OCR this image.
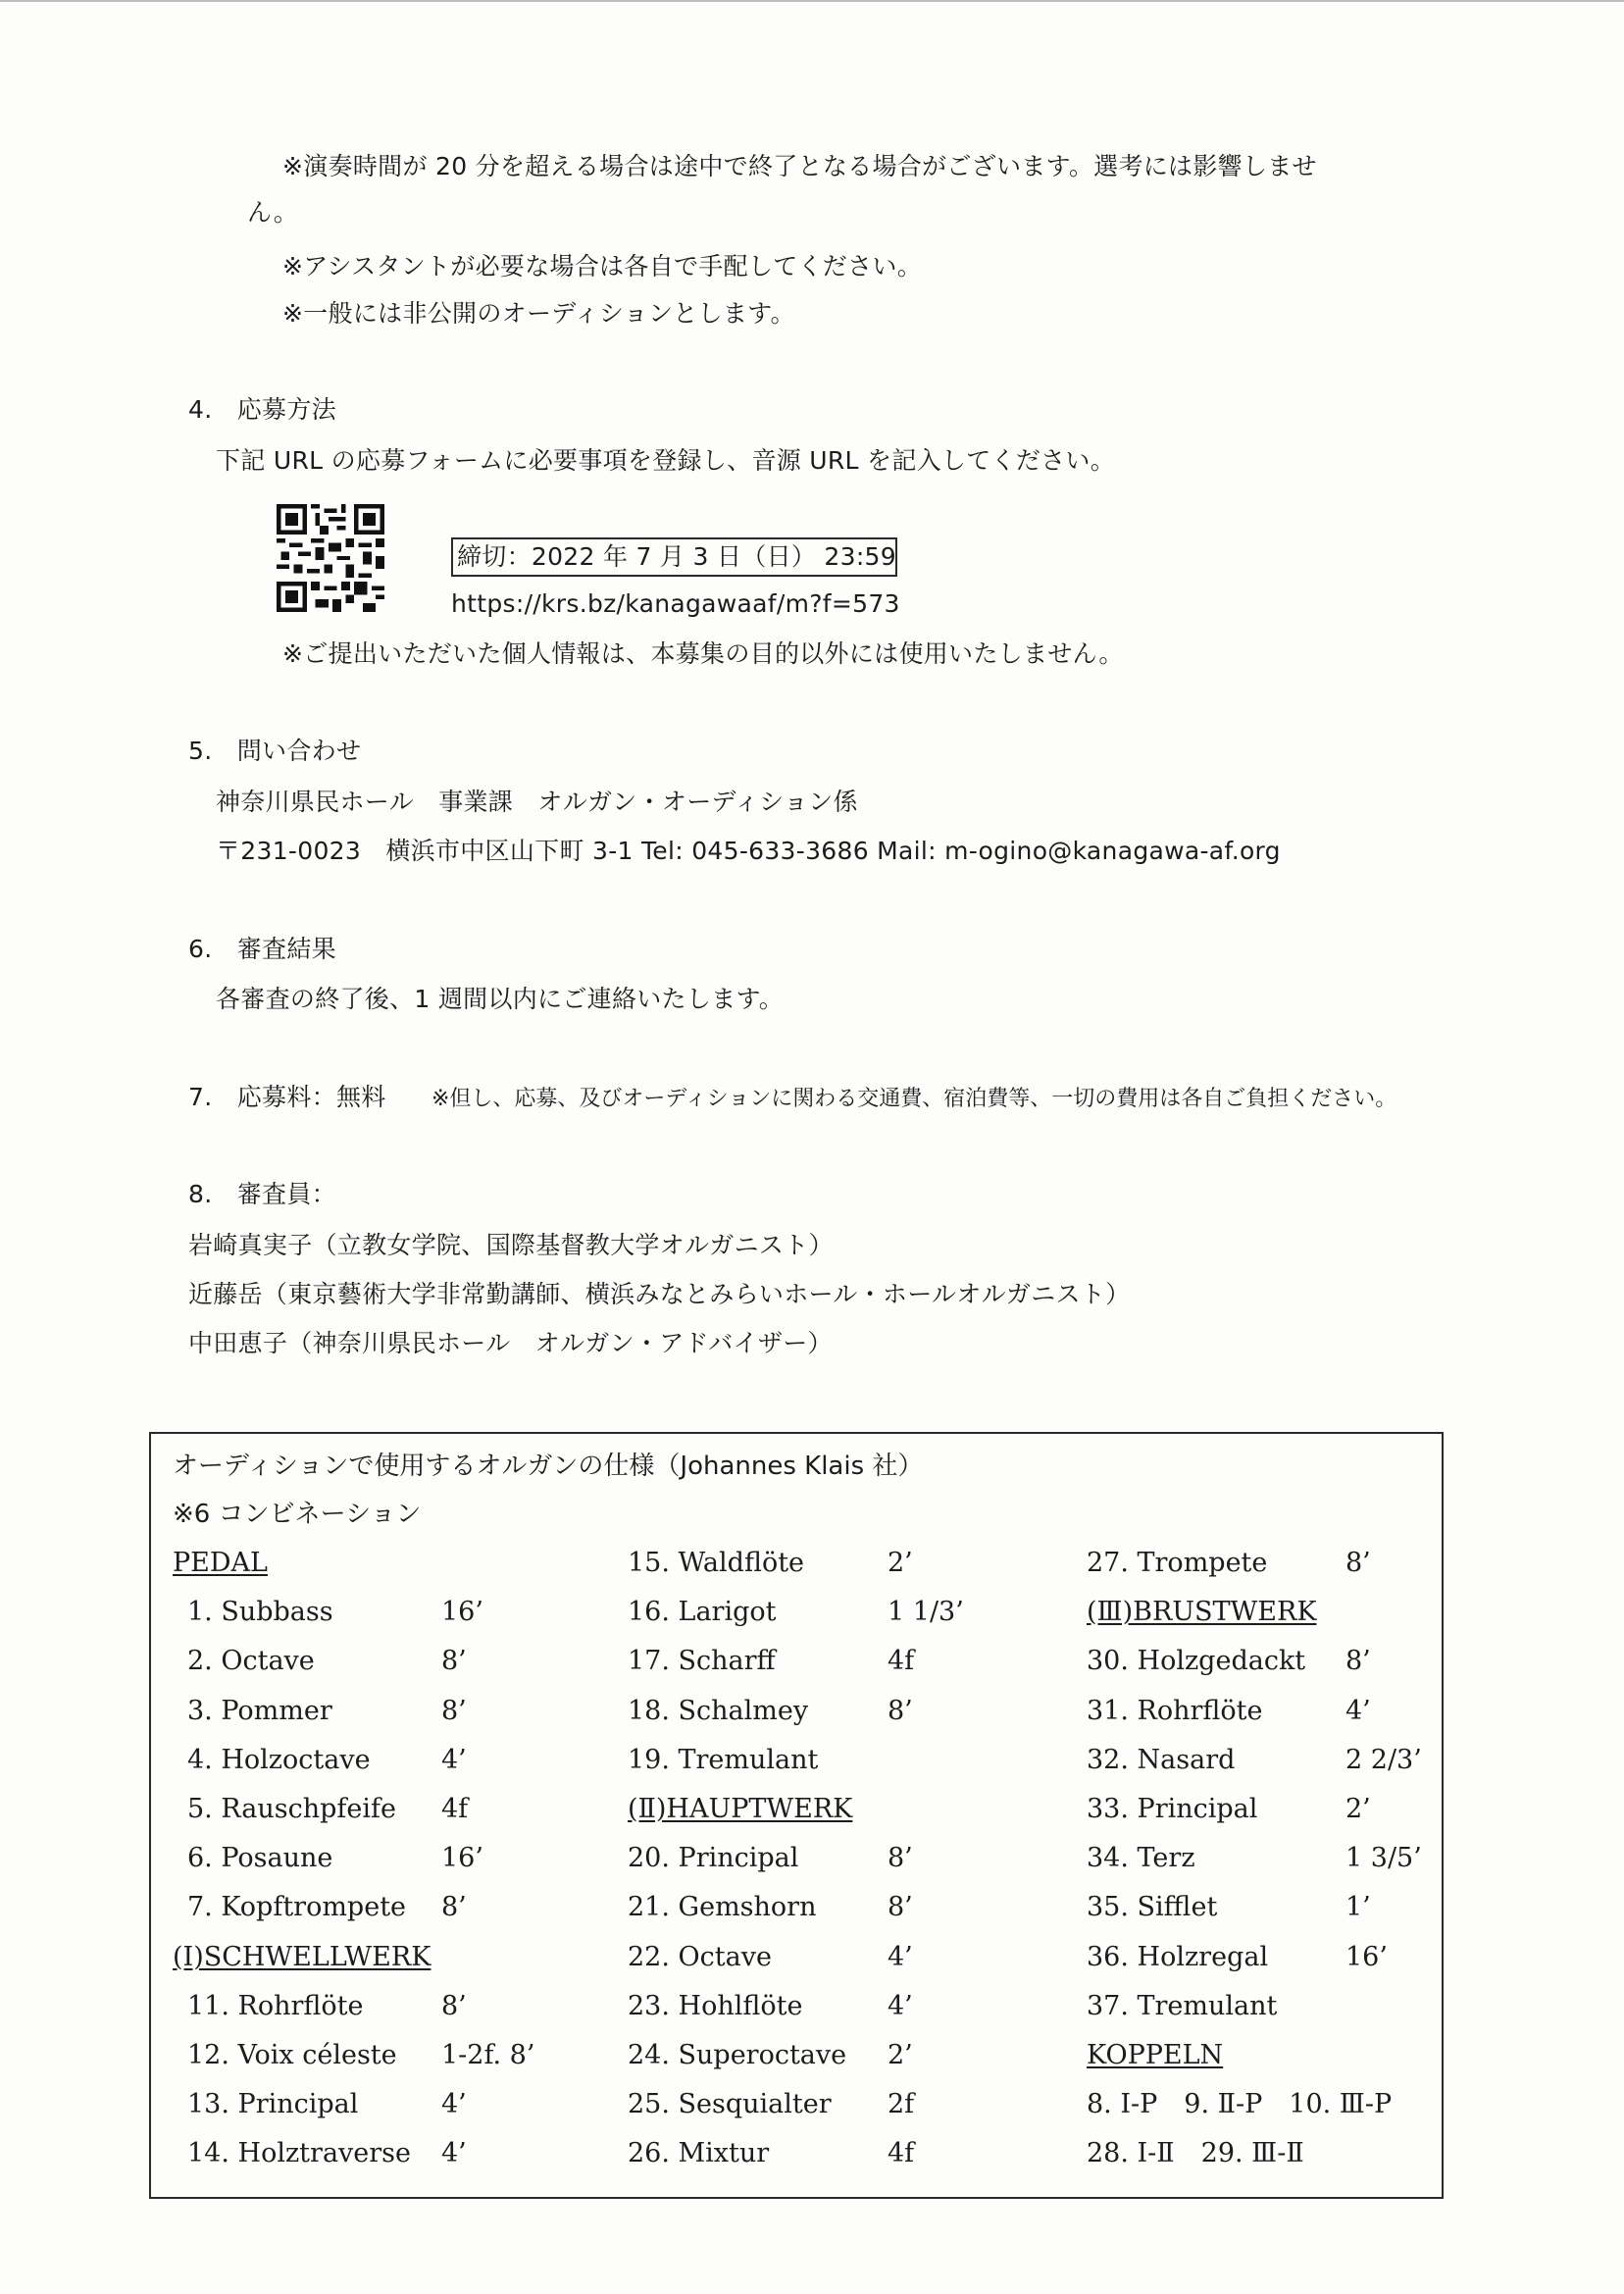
※演奏時間が 20 分を超える場合は途中で終了となる場合がございます。選考には影響しませ
ん。
※アシスタントが必要な場合は各自で手配してください。
※一般には非公開のオーディションとします。
4.　応募方法
下記 URL の応募フォームに必要事項を登録し、音源 URL を記入してください。
締切：2022 年 7 月 3 日（日） 23:59
https://krs.bz/kanagawaaf/m?f=573
※ご提出いただいた個人情報は、本募集の目的以外には使用いたしません。
5.　問い合わせ
神奈川県民ホール　事業課　オルガン・オーディション係
〒231-0023　横浜市中区山下町 3-1 Tel: 045-633-3686 Mail: m-ogino@kanagawa-af.org
6.　審査結果
各審査の終了後、1 週間以内にご連絡いたします。
7.　応募料：無料 ※但し、応募、及びオーディションに関わる交通費、宿泊費等、一切の費用は各自ご負担ください。
8.　審査員：
岩崎真実子（立教女学院、国際基督教大学オルガニスト）
近藤岳（東京藝術大学非常勤講師、横浜みなとみらいホール・ホールオルガニスト）
中田恵子（神奈川県民ホール　オルガン・アドバイザー）
オーディションで使用するオルガンの仕様（Johannes Klais 社）
※6 コンビネーション
PEDAL
1. Subbass	16’
2. Octave	8’
3. Pommer	8’
4. Holzoctave	4’
5. Rauschpfeife 4f
6. Posaune	16’
7. Kopftrompete 8’
(Ⅰ)SCHWELLWERK
11. Rohrflöte	8’
12. Voix céleste 1-2f. 8’
13. Principal	4’
14. Holztraverse 4’
15. Waldflöte	2’
16. Larigot	1 1/3’
17. Scharff	4f
18. Schalmey	8’
19. Tremulant
(Ⅱ)HAUPTWERK
20. Principal	8’
21. Gemshorn	8’
22. Octave	4’
23. Hohlflöte	4’
24. Superoctave 2’
25. Sesquialter 2f
26. Mixtur	4f
27. Trompete	8’
(Ⅲ)BRUSTWERK
30. Holzgedackt 8’
31. Rohrflöte	4’
32. Nasard	2 2/3’
33. Principal	2’
34. Terz	1 3/5’
35. Sifflet	1’
36. Holzregal	16’
37. Tremulant
KOPPELN
8. Ⅰ-P　9. Ⅱ-P　10. Ⅲ-P
28. Ⅰ-Ⅱ　29. Ⅲ-Ⅱ
